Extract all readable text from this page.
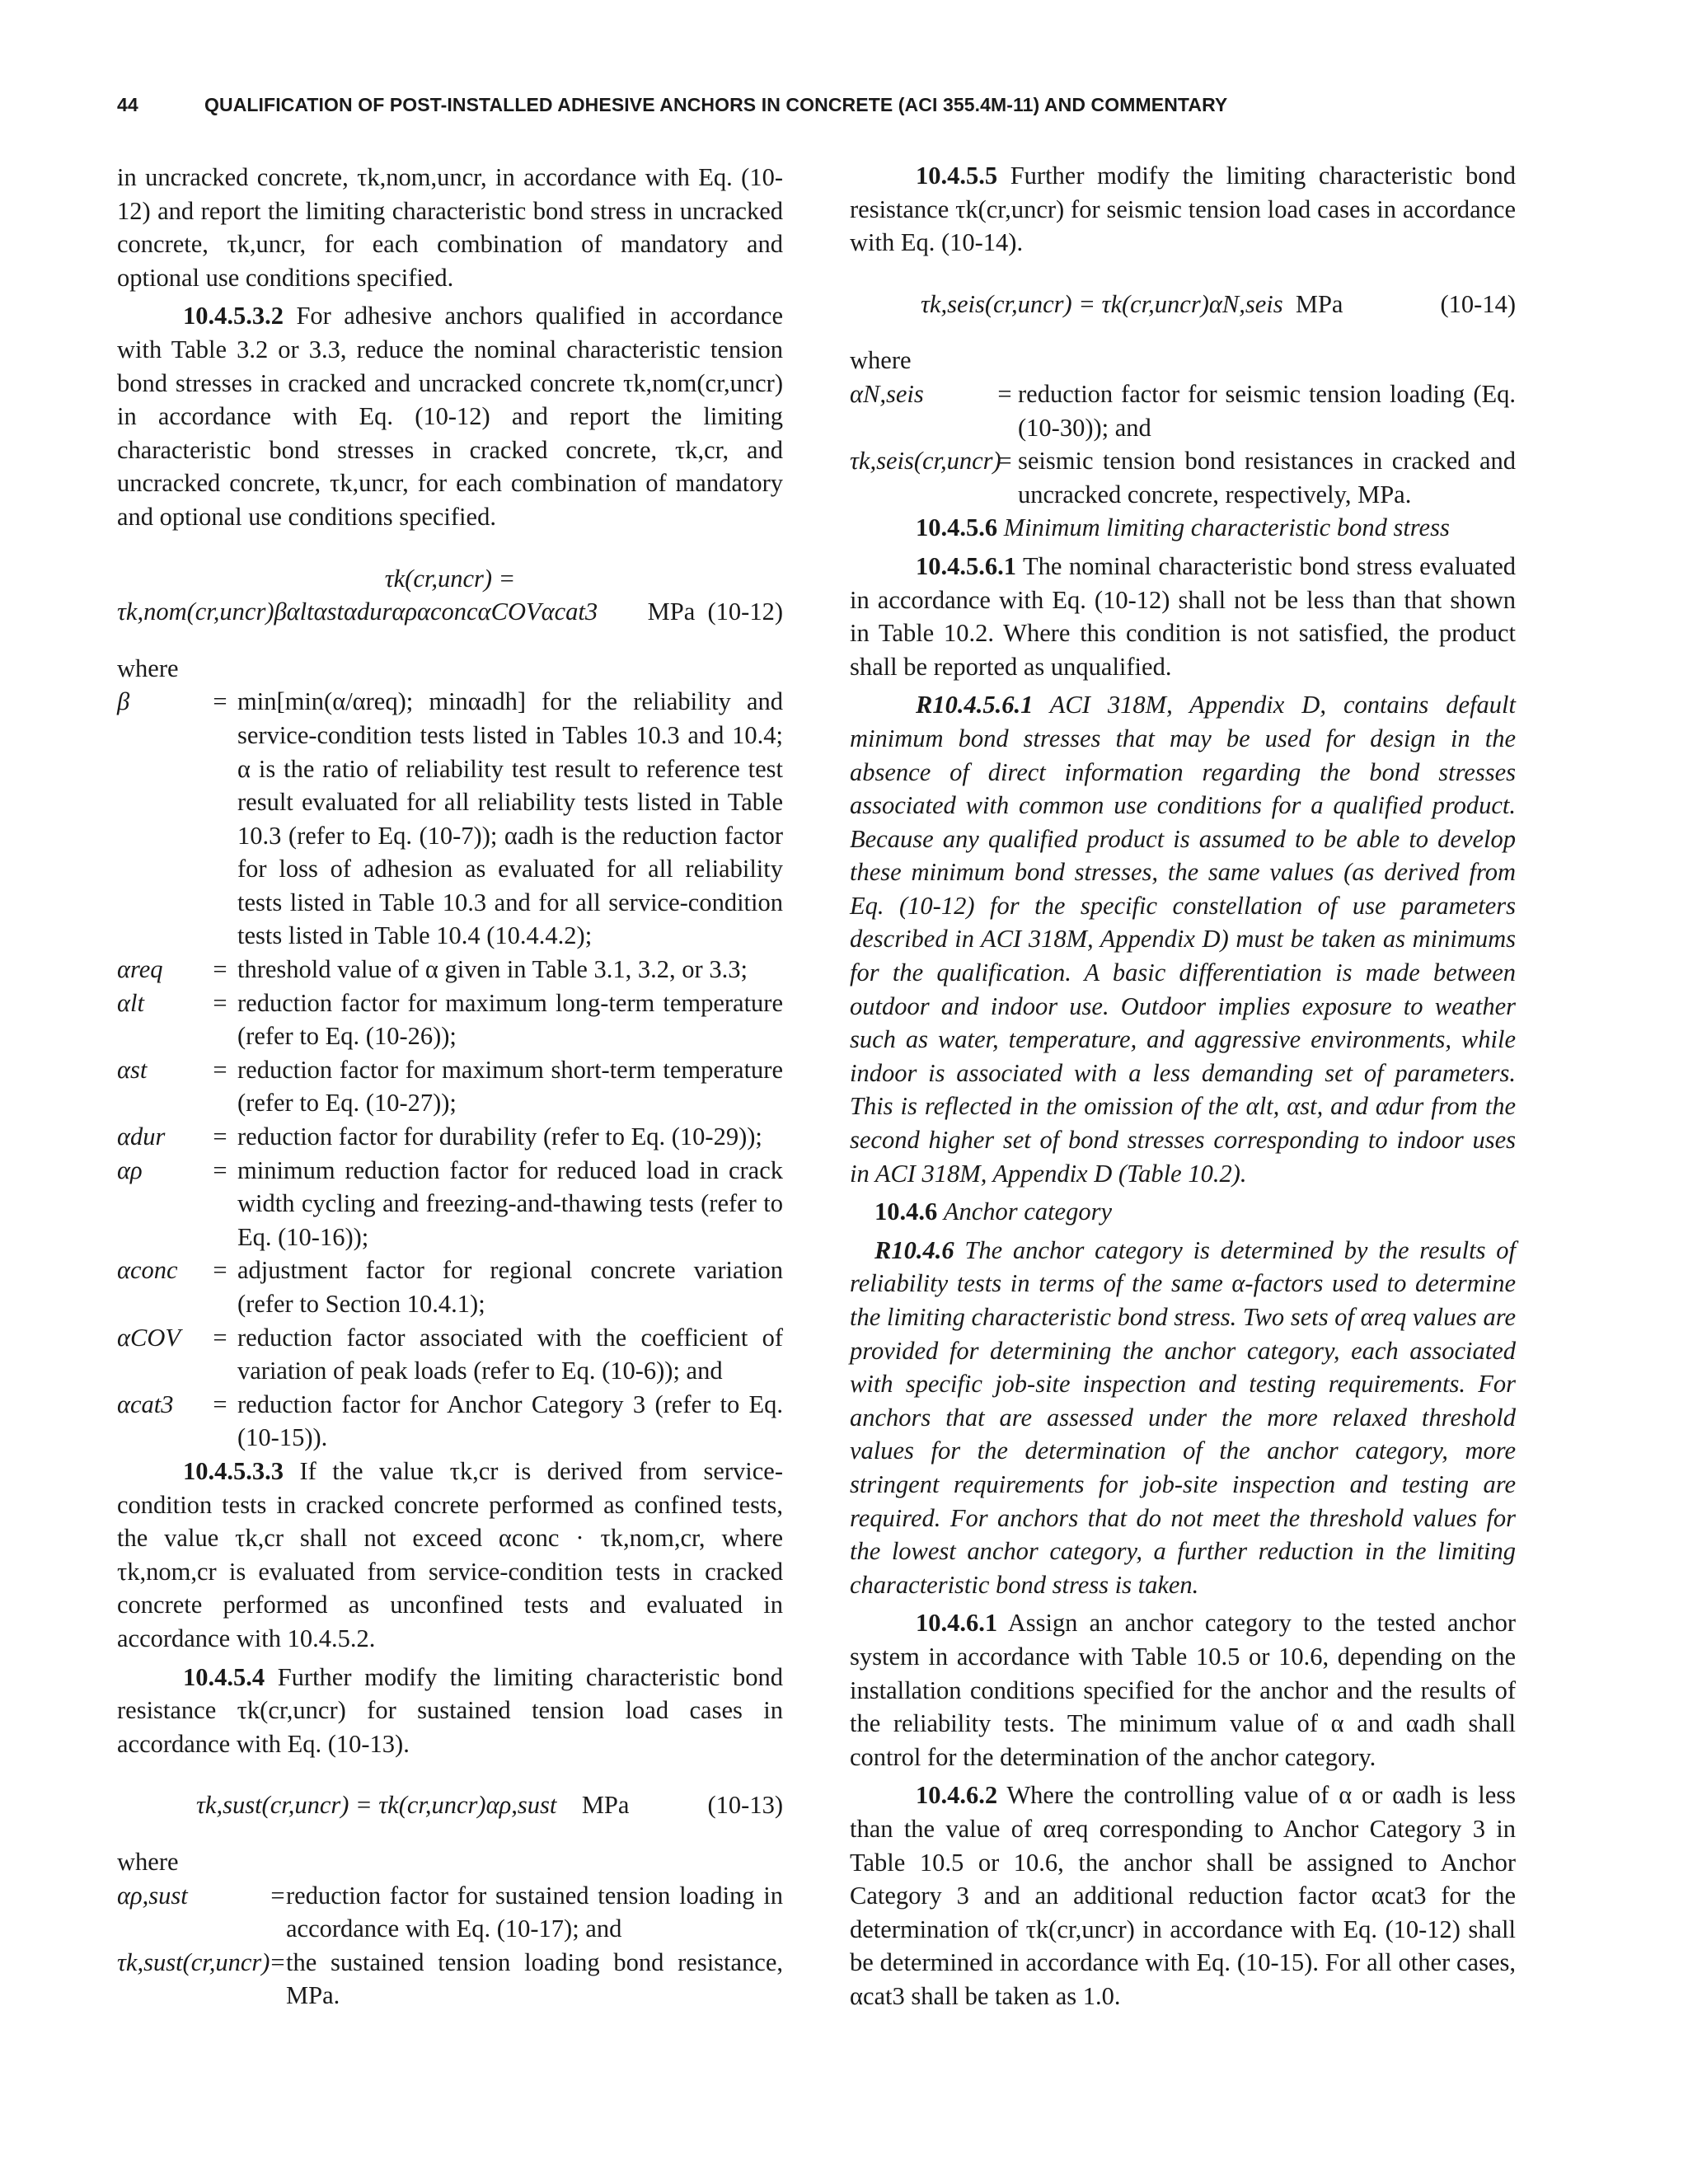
44	QUALIFICATION OF POST-INSTALLED ADHESIVE ANCHORS IN CONCRETE (ACI 355.4M-11) AND COMMENTARY

in uncracked concrete, τk,nom,uncr, in accordance with Eq. (10-12) and report the limiting characteristic bond stress in uncracked concrete, τk,uncr, for each combination of mandatory and optional use conditions specified.

10.4.5.3.2 For adhesive anchors qualified in accordance with Table 3.2 or 3.3, reduce the nominal characteristic tension bond stresses in cracked and uncracked concrete τk,nom(cr,uncr) in accordance with Eq. (10-12) and report the limiting characteristic bond stresses in cracked concrete, τk,cr, and uncracked concrete, τk,uncr, for each combination of mandatory and optional use conditions specified.

τk(cr,uncr) =
τk,nom(cr,uncr)βαltαstαdurαραconcαCOVαcat3 MPa (10-12)
where
β	= min[min(α/αreq); minαadh] for the reliability and service-condition tests listed in Tables 10.3 and 10.4; α is the ratio of reliability test result to reference test result evaluated for all reliability tests listed in Table 10.3 (refer to Eq. (10-7)); αadh is the reduction factor for loss of adhesion as evaluated for all reliability tests listed in Table 10.3 and for all service-condition tests listed in Table 10.4 (10.4.4.2);
αreq	= threshold value of α given in Table 3.1, 3.2, or 3.3;
αlt	= reduction factor for maximum long-term temperature (refer to Eq. (10-26));
αst	= reduction factor for maximum short-term temperature (refer to Eq. (10-27));
αdur	= reduction factor for durability (refer to Eq. (10-29));
αρ	= minimum reduction factor for reduced load in crack width cycling and freezing-and-thawing tests (refer to Eq. (10-16));
αconc	= adjustment factor for regional concrete variation (refer to Section 10.4.1);
αCOV	= reduction factor associated with the coefficient of variation of peak loads (refer to Eq. (10-6)); and
αcat3	= reduction factor for Anchor Category 3 (refer to Eq. (10-15)).

10.4.5.3.3 If the value τk,cr is derived from service-condition tests in cracked concrete performed as confined tests, the value τk,cr shall not exceed αconc · τk,nom,cr, where τk,nom,cr is evaluated from service-condition tests in cracked concrete performed as unconfined tests and evaluated in accordance with 10.4.5.2.

10.4.5.4 Further modify the limiting characteristic bond resistance τk(cr,uncr) for sustained tension load cases in accordance with Eq. (10-13).

τk,sust(cr,uncr) = τk(cr,uncr)αρ,sust MPa	(10-13)
where
αρ,sust	= reduction factor for sustained tension loading in accordance with Eq. (10-17); and
τk,sust(cr,uncr) = the sustained tension loading bond resistance, MPa.

10.4.5.5 Further modify the limiting characteristic bond resistance τk(cr,uncr) for seismic tension load cases in accordance with Eq. (10-14).

τk,seis(cr,uncr) = τk(cr,uncr)αN,seis MPa	(10-14)
where
αN,seis	= reduction factor for seismic tension loading (Eq. (10-30)); and
τk,seis(cr,uncr)
= seismic tension bond resistances in cracked and uncracked concrete, respectively, MPa.

10.4.5.6 Minimum limiting characteristic bond stress

10.4.5.6.1 The nominal characteristic bond stress evaluated in accordance with Eq. (10-12) shall not be less than that shown in Table 10.2. Where this condition is not satisfied, the product shall be reported as unqualified.

R10.4.5.6.1 ACI 318M, Appendix D, contains default minimum bond stresses that may be used for design in the absence of direct information regarding the bond stresses associated with common use conditions for a qualified product. Because any qualified product is assumed to be able to develop these minimum bond stresses, the same values (as derived from Eq. (10-12) for the specific constellation of use parameters described in ACI 318M, Appendix D) must be taken as minimums for the qualification. A basic differentiation is made between outdoor and indoor use. Outdoor implies exposure to weather such as water, temperature, and aggressive environments, while indoor is associated with a less demanding set of parameters. This is reflected in the omission of the αlt, αst, and αdur from the second higher set of bond stresses corresponding to indoor uses in ACI 318M, Appendix D (Table 10.2).

10.4.6 Anchor category

R10.4.6 The anchor category is determined by the results of reliability tests in terms of the same α-factors used to determine the limiting characteristic bond stress. Two sets of αreq values are provided for determining the anchor category, each associated with specific job-site inspection and testing requirements. For anchors that are assessed under the more relaxed threshold values for the determination of the anchor category, more stringent requirements for job-site inspection and testing are required. For anchors that do not meet the threshold values for the lowest anchor category, a further reduction in the limiting characteristic bond stress is taken.

10.4.6.1 Assign an anchor category to the tested anchor system in accordance with Table 10.5 or 10.6, depending on the installation conditions specified for the anchor and the results of the reliability tests. The minimum value of α and αadh shall control for the determination of the anchor category.

10.4.6.2 Where the controlling value of α or αadh is less than the value of αreq corresponding to Anchor Category 3 in Table 10.5 or 10.6, the anchor shall be assigned to Anchor Category 3 and an additional reduction factor αcat3 for the determination of τk(cr,uncr) in accordance with Eq. (10-12) shall be determined in accordance with Eq. (10-15). For all other cases, αcat3 shall be taken as 1.0.
